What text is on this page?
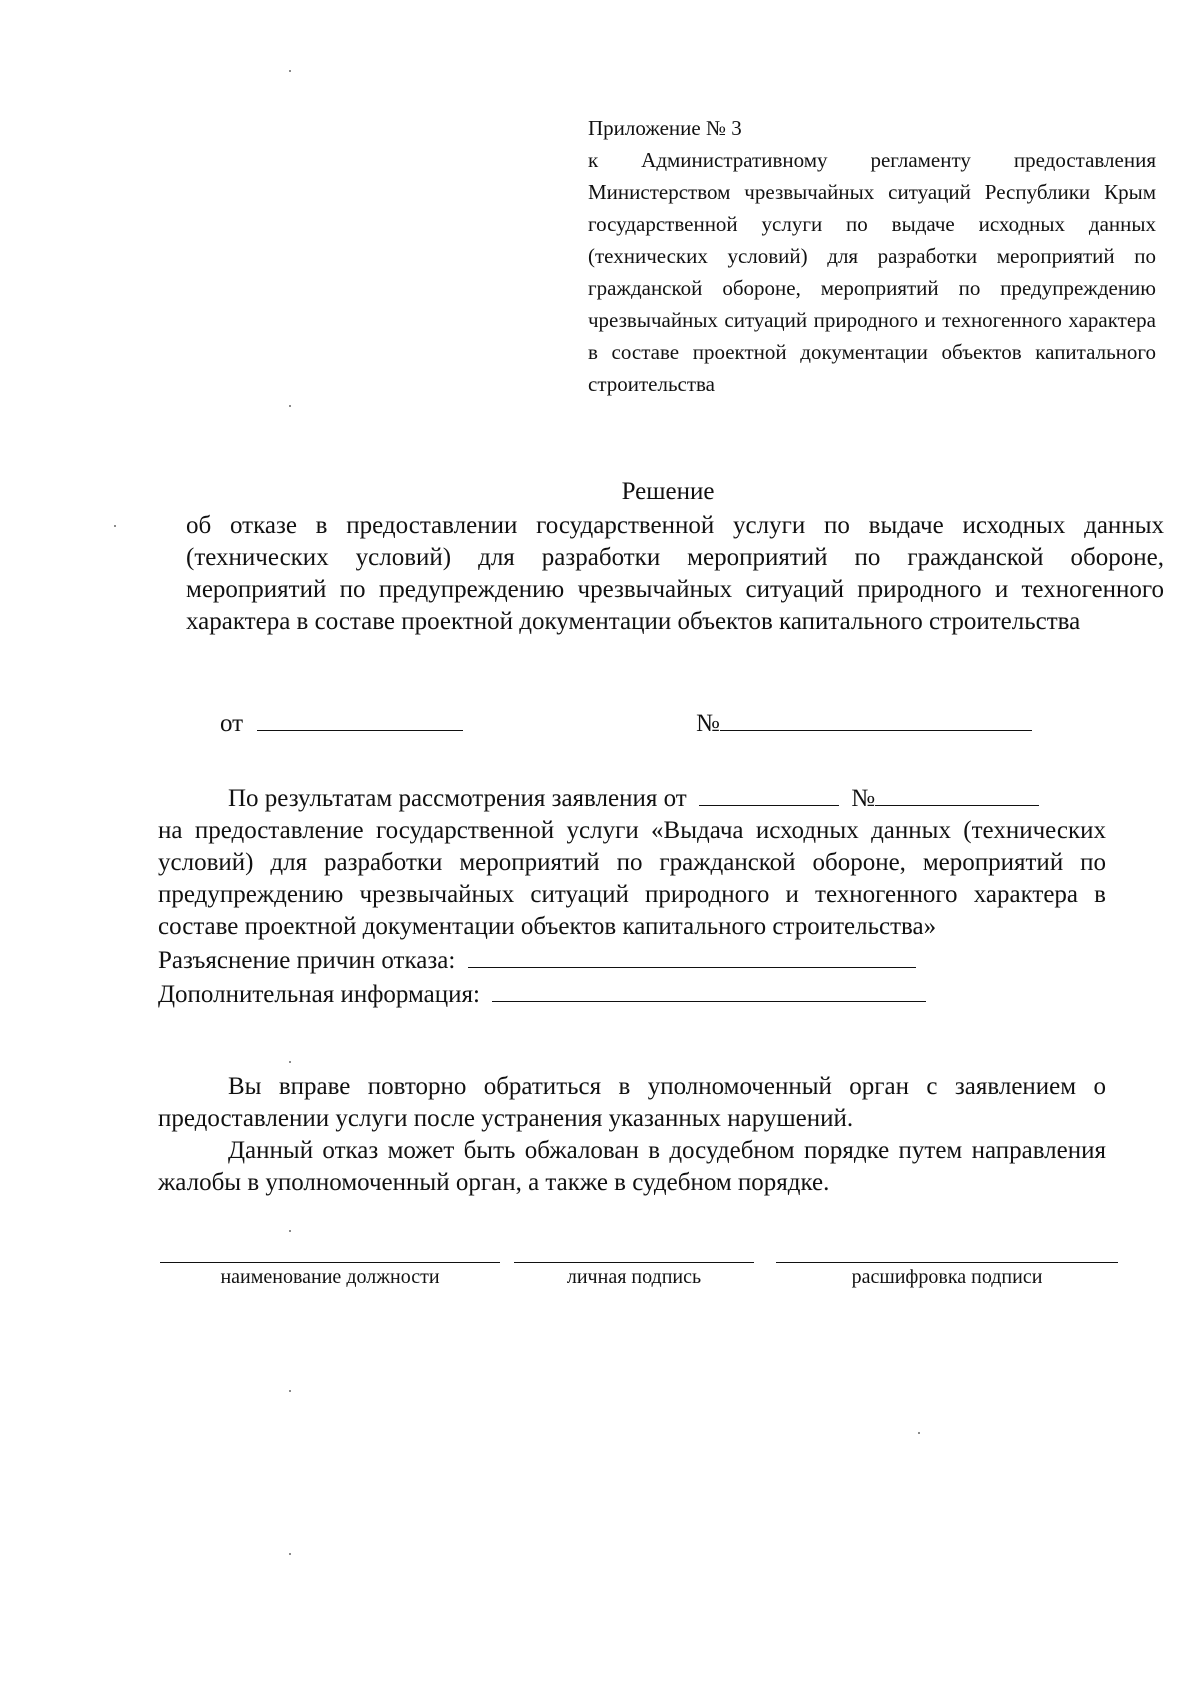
Приложение № 3
к Административному регламенту предоставления Министерством чрезвычайных ситуаций Республики Крым государственной услуги по выдаче исходных данных (технических условий) для разработки мероприятий по гражданской обороне, мероприятий по предупреждению чрезвычайных ситуаций природного и техногенного характера в составе проектной документации объектов капитального строительства
Решение
об отказе в предоставлении государственной услуги по выдаче исходных данных (технических условий) для разработки мероприятий по гражданской обороне, мероприятий по предупреждению чрезвычайных ситуаций природного и техногенного характера в составе проектной документации объектов капитального строительства
от	№
По результатам рассмотрения заявления от	№

на предоставление государственной услуги «Выдача исходных данных (технических условий) для разработки мероприятий по гражданской обороне, мероприятий по предупреждению чрезвычайных ситуаций природного и техногенного характера в составе проектной документации объектов капитального строительства»

Разъяснение причин отказа:
Дополнительная информация:

Вы вправе повторно обратиться в уполномоченный орган с заявлением о предоставлении услуги после устранения указанных нарушений.

Данный отказ может быть обжалован в досудебном порядке путем направления жалобы в уполномоченный орган, а также в судебном порядке.

наименование должности	личная подпись	расшифровка подписи
